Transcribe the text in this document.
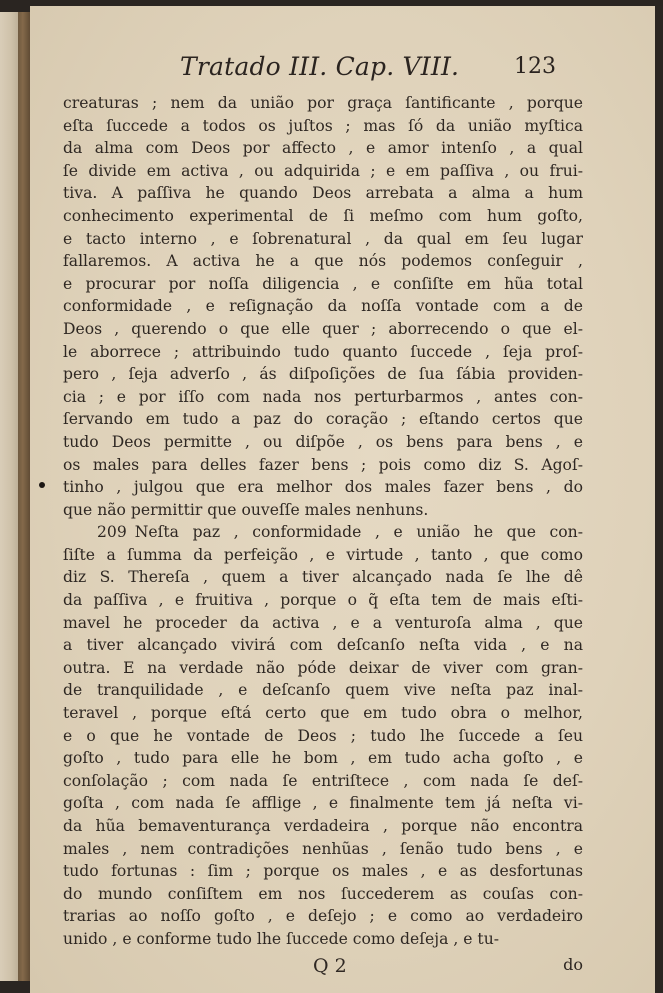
Tratado III. Cap. VIII. 123
creaturas ; nem da união por graça ſantificante , porque
eſta ſuccede a todos os juſtos ; mas ſó da união myſtica
da alma com Deos por affecto , e amor intenſo , a qual
ſe divide em activa , ou adquirida ; e em paſſiva , ou frui-
tiva. A paſſiva he quando Deos arrebata a alma a hum
conhecimento experimental de ſi meſmo com hum goſto,
e tacto interno , e ſobrenatural , da qual em ſeu lugar
fallaremos. A activa he a que nós podemos conſeguir ,
e procurar por noſſa diligencia , e conſiſte em hũa total
conformidade , e reſignação da noſſa vontade com a de
Deos , querendo o que elle quer ; aborrecendo o que el-
le aborrece ; attribuindo tudo quanto ſuccede , ſeja proſ-
pero , ſeja adverſo , ás diſpoſições de ſua ſábia providen-
cia ; e por iſſo com nada nos perturbarmos , antes con-
ſervando em tudo a paz do coração ; eſtando certos que
tudo Deos permitte , ou diſpõe , os bens para bens , e
os males para delles fazer bens ; pois como diz S. Agoſ-
tinho , julgou que era melhor dos males fazer bens , do
que não permittir que ouveſſe males nenhuns.
209 Neſta paz , conformidade , e união he que con-
ſiſte a ſumma da perfeição , e virtude , tanto , que como
diz S. Thereſa , quem a tiver alcançado nada ſe lhe dê
da paſſiva , e fruitiva , porque o q̃ eſta tem de mais eſti-
mavel he proceder da activa , e a venturoſa alma , que
a tiver alcançado vivirá com deſcanſo neſta vida , e na
outra. E na verdade não póde deixar de viver com gran-
de tranquilidade , e deſcanſo quem vive neſta paz inal-
teravel , porque eſtá certo que em tudo obra o melhor,
e o que he vontade de Deos ; tudo lhe ſuccede a ſeu
goſto , tudo para elle he bom , em tudo acha goſto , e
conſolação ; com nada ſe entriſtece , com nada ſe deſ-
goſta , com nada ſe afflige , e finalmente tem já neſta vi-
da hũa bemaventurança verdadeira , porque não encontra
males , nem contradições nenhũas , ſenão tudo bens , e
tudo fortunas : ſim ; porque os males , e as desfortunas
do mundo conſiſtem em nos ſuccederem as couſas con-
trarias ao noſſo goſto , e deſejo ; e como ao verdadeiro
unido , e conforme tudo lhe ſuccede como deſeja , e tu-
Q 2	do
